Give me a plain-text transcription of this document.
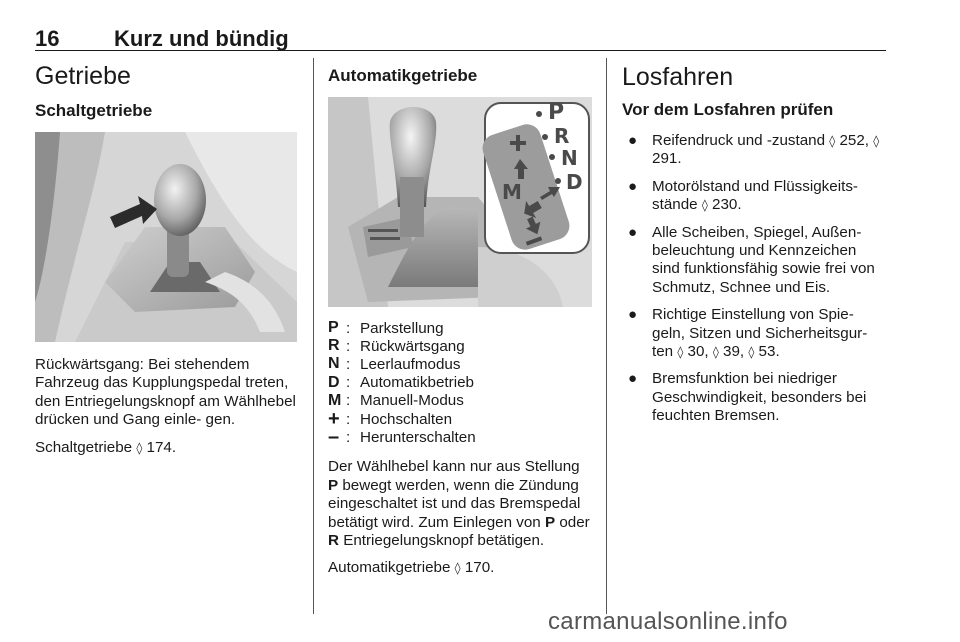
16 Kurz und bündig
Getriebe
Schaltgetriebe

Rückwärtsgang: Bei stehendem Fahrzeug das Kupplungspedal treten, den Entriegelungsknopf am Wählhebel drücken und Gang einle- gen.

Schaltgetriebe ◊ 174.

Automatikgetriebe
P
R
N
D
M
P : Parkstellung
R : Rückwärtsgang
N : Leerlaufmodus
D : Automatikbetrieb
M : Manuell-Modus
+ : Hochschalten
– : Herunterschalten

Der Wählhebel kann nur aus Stellung P bewegt werden, wenn die Zündung eingeschaltet ist und das Bremspedal betätigt wird. Zum Einlegen von P oder R Entriegelungsknopf betätigen.

Automatikgetriebe ◊ 170.

Losfahren
Vor dem Losfahren prüfen
● Reifendruck und -zustand ◊ 252, ◊ 291.

● Motorölstand und Flüssigkeits- stände ◊ 230.

● Alle Scheiben, Spiegel, Außen- beleuchtung und Kennzeichen sind funktionsfähig sowie frei von Schmutz, Schnee und Eis.

● Richtige Einstellung von Spie- geln, Sitzen und Sicherheitsgur- ten ◊ 30, ◊ 39, ◊ 53.

● Bremsfunktion bei niedriger Geschwindigkeit, besonders bei feuchten Bremsen.

carmanualsonline.info
